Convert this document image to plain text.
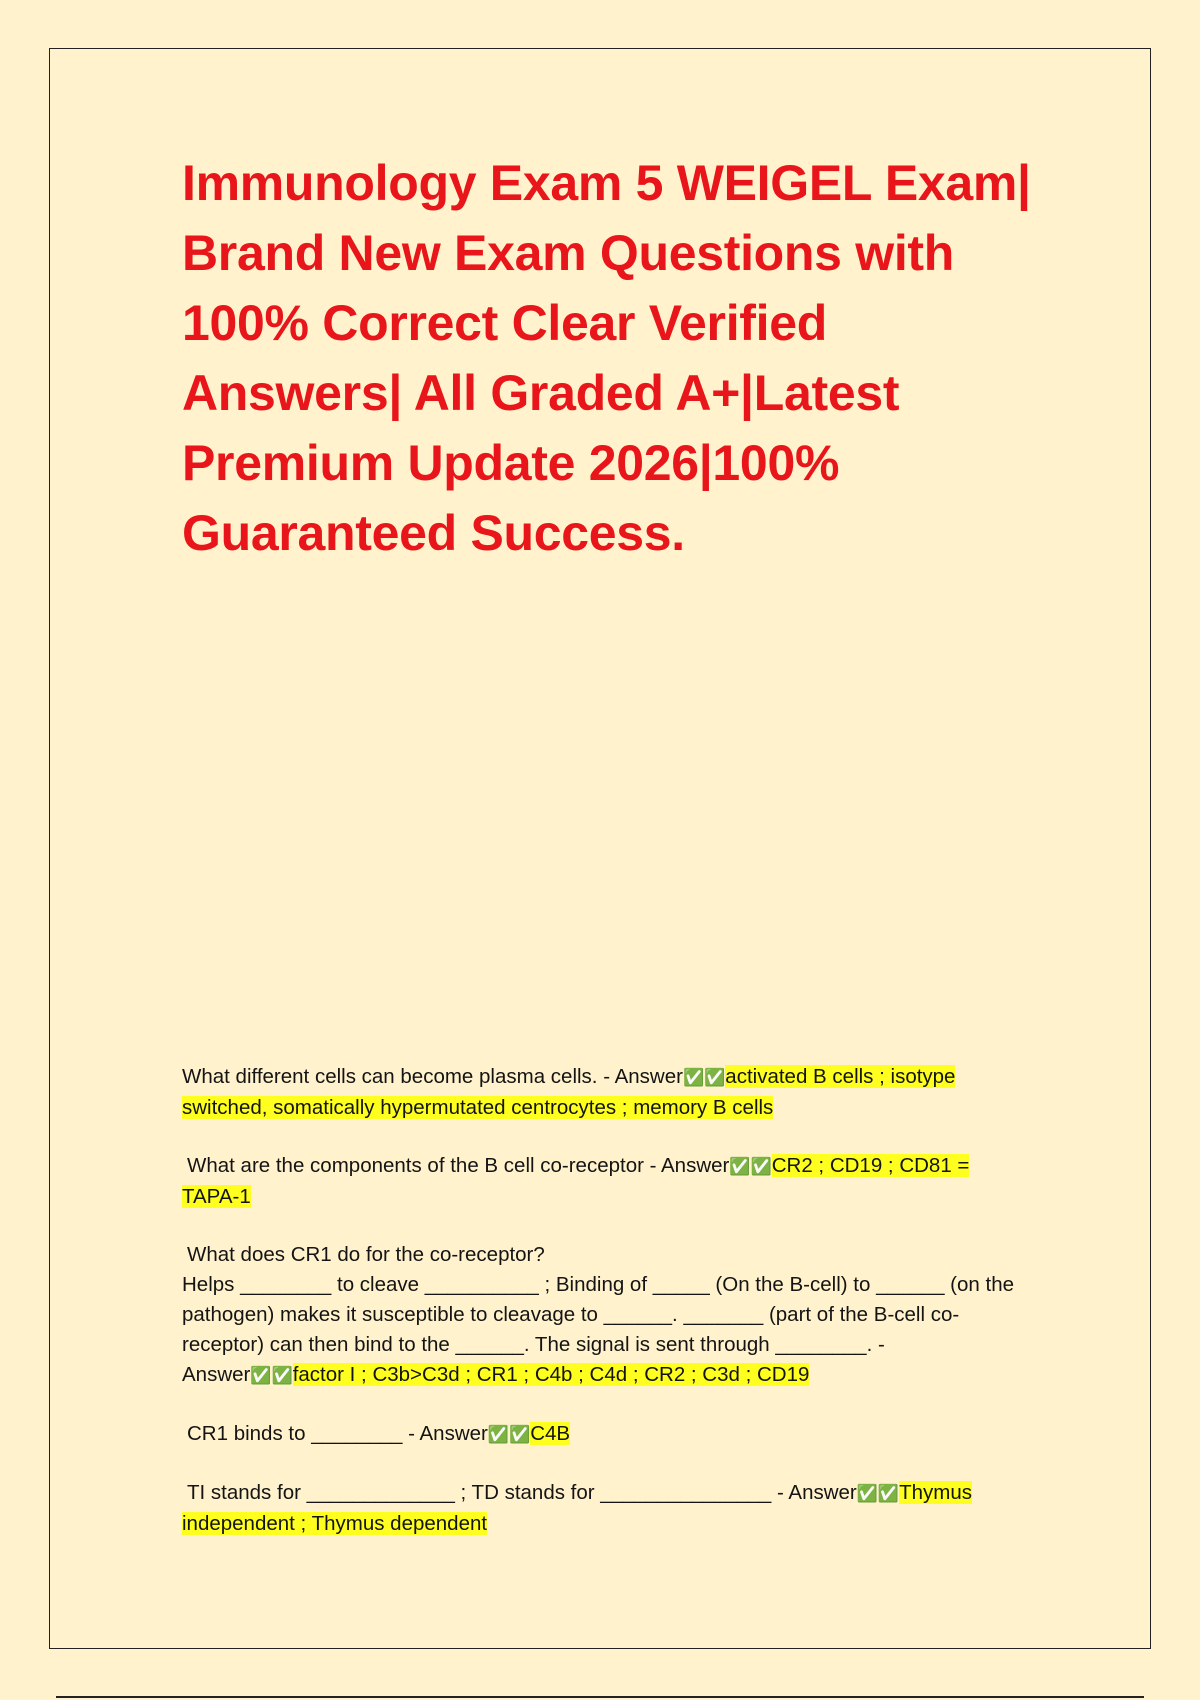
Immunology Exam 5 WEIGEL Exam| Brand New Exam Questions with 100% Correct Clear Verified Answers| All Graded A+|Latest Premium Update 2026|100% Guaranteed Success.

What different cells can become plasma cells. - Answer✅✅activated B cells ; isotype switched, somatically hypermutated centrocytes ; memory B cells

What are the components of the B cell co-receptor - Answer✅✅CR2 ; CD19 ; CD81 = TAPA-1

What does CR1 do for the co-receptor?
Helps ________ to cleave __________ ; Binding of _____ (On the B-cell) to ______ (on the pathogen) makes it susceptible to cleavage to ______. _______ (part of the B-cell co-receptor) can then bind to the ______. The signal is sent through ________. - Answer✅✅factor I ; C3b>C3d ; CR1 ; C4b ; C4d ; CR2 ; C3d ; CD19

CR1 binds to ________ - Answer✅✅C4B

TI stands for _____________ ; TD stands for _______________ - Answer✅✅Thymus independent ; Thymus dependent
